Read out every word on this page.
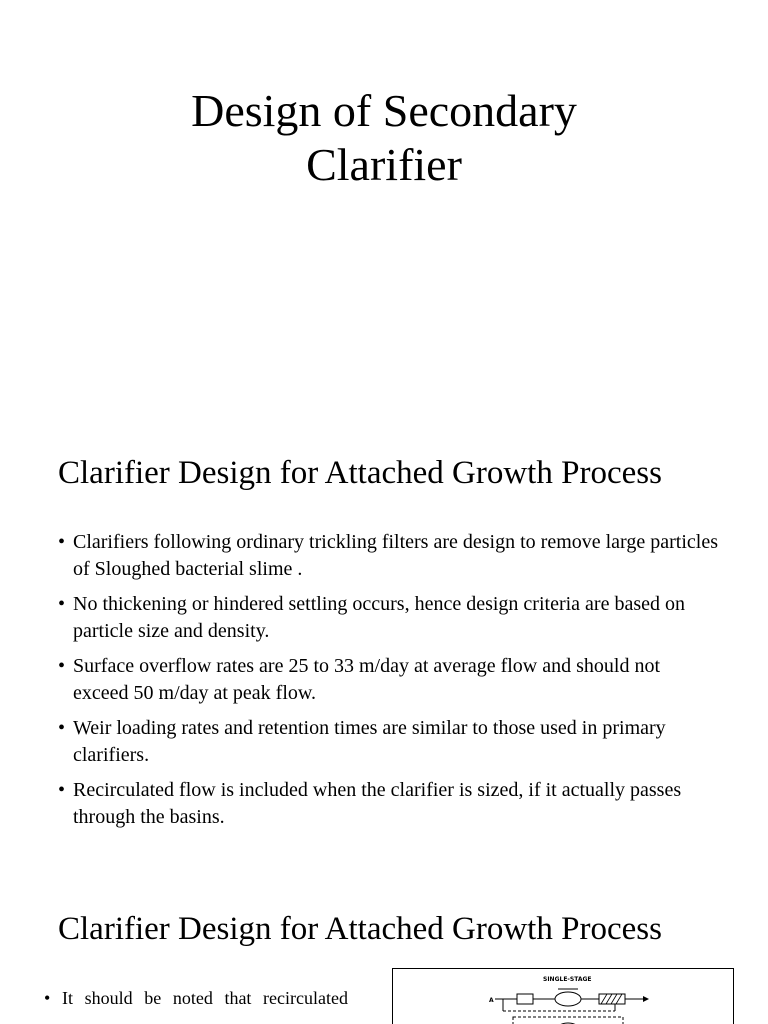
Design of Secondary
Clarifier
Clarifier Design for Attached Growth Process
• Clarifiers following ordinary trickling filters are design to remove large particles of Sloughed bacterial slime .
• No thickening or hindered settling occurs, hence design criteria are based on particle size and density.
• Surface overflow rates are 25 to 33 m/day at average flow and should not exceed 50 m/day at peak flow.
• Weir loading rates and retention times are similar to those used in primary clarifiers.
• Recirculated flow is included when the clarifier is sized, if it actually passes through the basins.
Clarifier Design for Attached Growth Process
• It should be noted that recirculated
SINGLE-STAGE
A
